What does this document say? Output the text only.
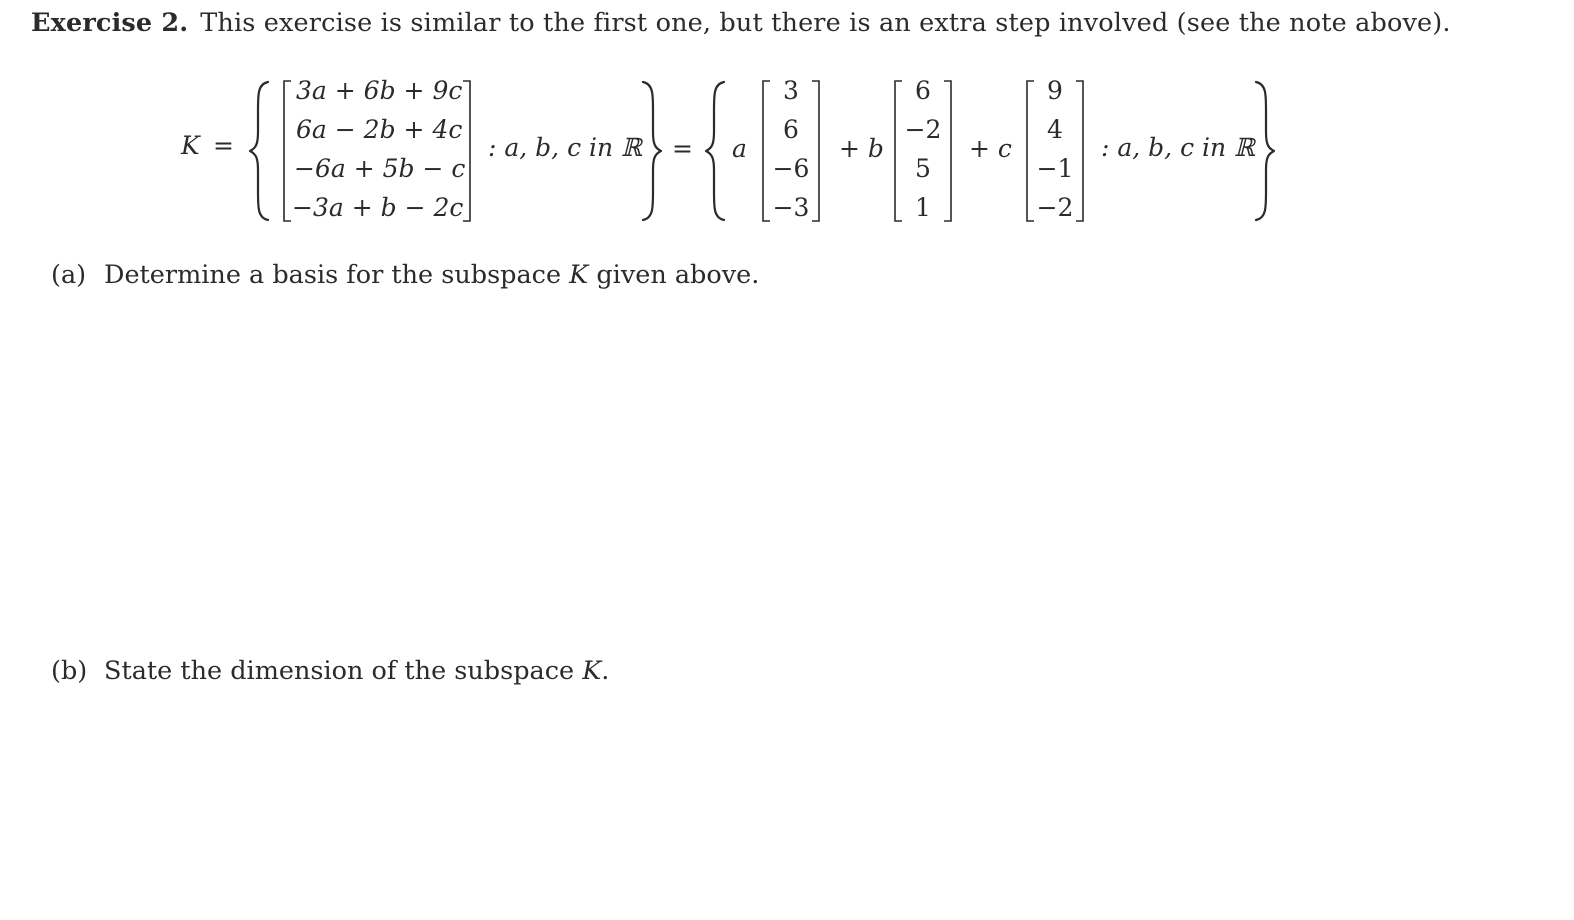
Exercise 2. This exercise is similar to the first one, but there is an extra step involved (see the note above).
K =
3a + 6b + 9c
6a − 2b + 4c
−6a + 5b − c
−3a + b − 2c
: a, b, c in ℝ = a
3
6
−6
−3
+ b
6
−2
5
1
+ c
9
4
−1
−2
: a, b, c in ℝ
(a) Determine a basis for the subspace K given above.
(b) State the dimension of the subspace K.
